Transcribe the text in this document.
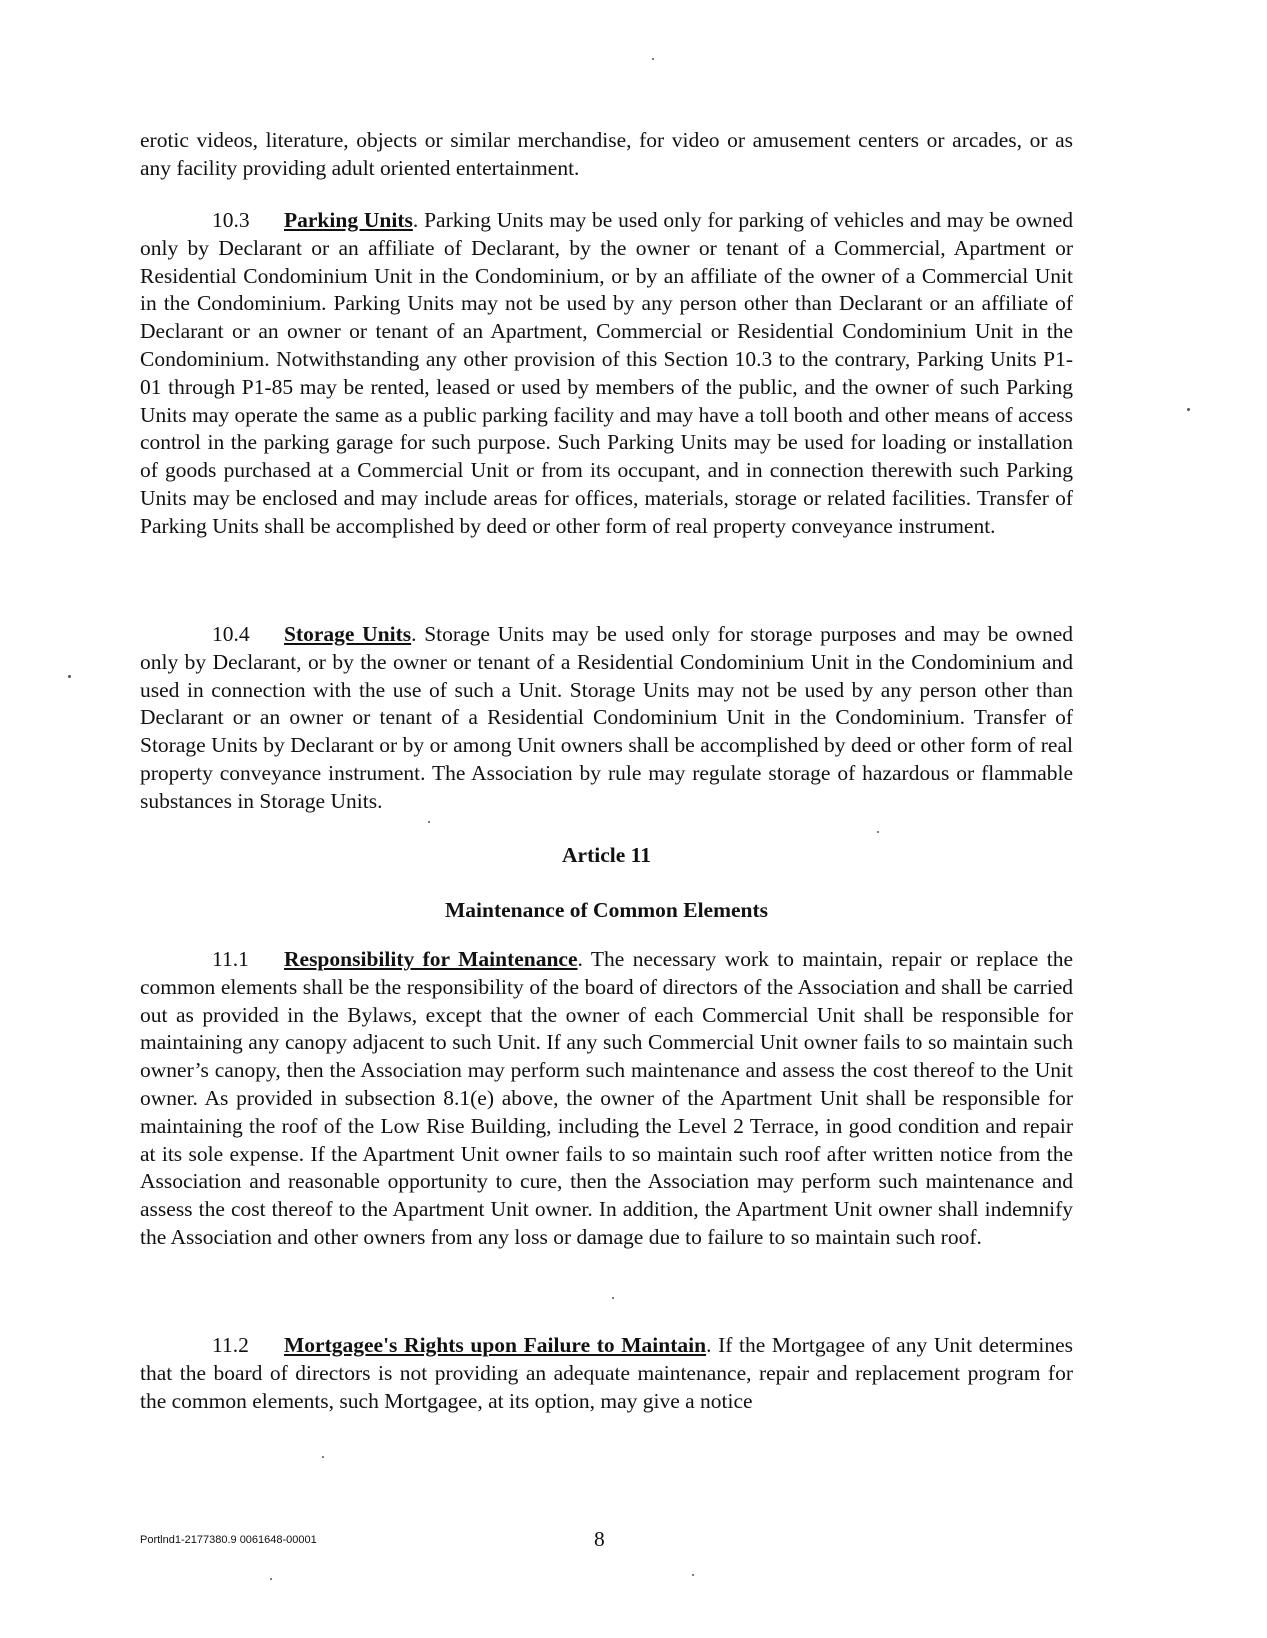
erotic videos, literature, objects or similar merchandise, for video or amusement centers or arcades, or as any facility providing adult oriented entertainment.

10.3 Parking Units. Parking Units may be used only for parking of vehicles and may be owned only by Declarant or an affiliate of Declarant, by the owner or tenant of a Commercial, Apartment or Residential Condominium Unit in the Condominium, or by an affiliate of the owner of a Commercial Unit in the Condominium. Parking Units may not be used by any person other than Declarant or an affiliate of Declarant or an owner or tenant of an Apartment, Commercial or Residential Condominium Unit in the Condominium. Notwithstanding any other provision of this Section 10.3 to the contrary, Parking Units P1-01 through P1-85 may be rented, leased or used by members of the public, and the owner of such Parking Units may operate the same as a public parking facility and may have a toll booth and other means of access control in the parking garage for such purpose. Such Parking Units may be used for loading or installation of goods purchased at a Commercial Unit or from its occupant, and in connection therewith such Parking Units may be enclosed and may include areas for offices, materials, storage or related facilities. Transfer of Parking Units shall be accomplished by deed or other form of real property conveyance instrument.

10.4 Storage Units. Storage Units may be used only for storage purposes and may be owned only by Declarant, or by the owner or tenant of a Residential Condominium Unit in the Condominium and used in connection with the use of such a Unit. Storage Units may not be used by any person other than Declarant or an owner or tenant of a Residential Condominium Unit in the Condominium. Transfer of Storage Units by Declarant or by or among Unit owners shall be accomplished by deed or other form of real property conveyance instrument. The Association by rule may regulate storage of hazardous or flammable substances in Storage Units.

Article 11
Maintenance of Common Elements

11.1 Responsibility for Maintenance. The necessary work to maintain, repair or replace the common elements shall be the responsibility of the board of directors of the Association and shall be carried out as provided in the Bylaws, except that the owner of each Commercial Unit shall be responsible for maintaining any canopy adjacent to such Unit. If any such Commercial Unit owner fails to so maintain such owner’s canopy, then the Association may perform such maintenance and assess the cost thereof to the Unit owner. As provided in subsection 8.1(e) above, the owner of the Apartment Unit shall be responsible for maintaining the roof of the Low Rise Building, including the Level 2 Terrace, in good condition and repair at its sole expense. If the Apartment Unit owner fails to so maintain such roof after written notice from the Association and reasonable opportunity to cure, then the Association may perform such maintenance and assess the cost thereof to the Apartment Unit owner. In addition, the Apartment Unit owner shall indemnify the Association and other owners from any loss or damage due to failure to so maintain such roof.

11.2 Mortgagee's Rights upon Failure to Maintain. If the Mortgagee of any Unit determines that the board of directors is not providing an adequate maintenance, repair and replacement program for the common elements, such Mortgagee, at its option, may give a notice

Portlnd1-2177380.9 0061648-00001	8
